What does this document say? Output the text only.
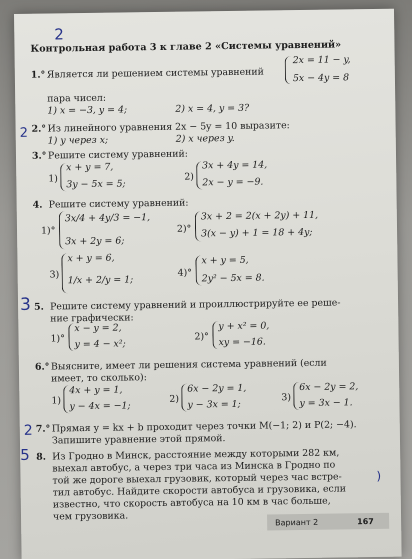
2
Контрольная работа 3 к главе 2 «Системы уравнений»
1.° Является ли решением системы уравнений
2x = 11 − y,
5x − 4y = 8
пара чисел:
1) x = −3, y = 4;	2) x = 4, y = 3?
2 2.° Из линейного уравнения 2x − 5y = 10 выразите:
1) y через x;	2) x через y.
3.° Решите систему уравнений:
1)
x + y = 7,
3y − 5x = 5;
2)
3x + 4y = 14,
2x − y = −9.
4. Решите систему уравнений:
1)°
3x/4 + 4y/3 = −1,
3x + 2y = 6;
2)°
3x + 2 = 2(x + 2y) + 11,
3(x − y) + 1 = 18 + 4y;
3)
x + y = 6,
1/x + 2/y = 1;
4)°
x + y = 5,
2y² − 5x = 8.
3 5. Решите систему уравнений и проиллюстрируйте ее реше-
ние графически:
1)°
x − y = 2,
y = 4 − x²;
2)°
y + x² = 0,
xy = −16.
6.° Выясните, имеет ли решения система уравнений (если
имеет, то сколько):
1)
4x + y = 1,
y − 4x = −1;
2)
6x − 2y = 1,
y − 3x = 1;
3)
6x − 2y = 2,
y = 3x − 1.
2 7.° Прямая y = kx + b проходит через точки M(−1; 2) и P(2; −4).
Запишите уравнение этой прямой.
5 8. Из Гродно в Минск, расстояние между которыми 282 км,
выехал автобус, а через три часа из Минска в Гродно по
той же дороге выехал грузовик, который через час встре-
тил автобус. Найдите скорости автобуса и грузовика, если
известно, что скорость автобуса на 10 км в час больше,
чем грузовика.
)
Вариант 2	167
